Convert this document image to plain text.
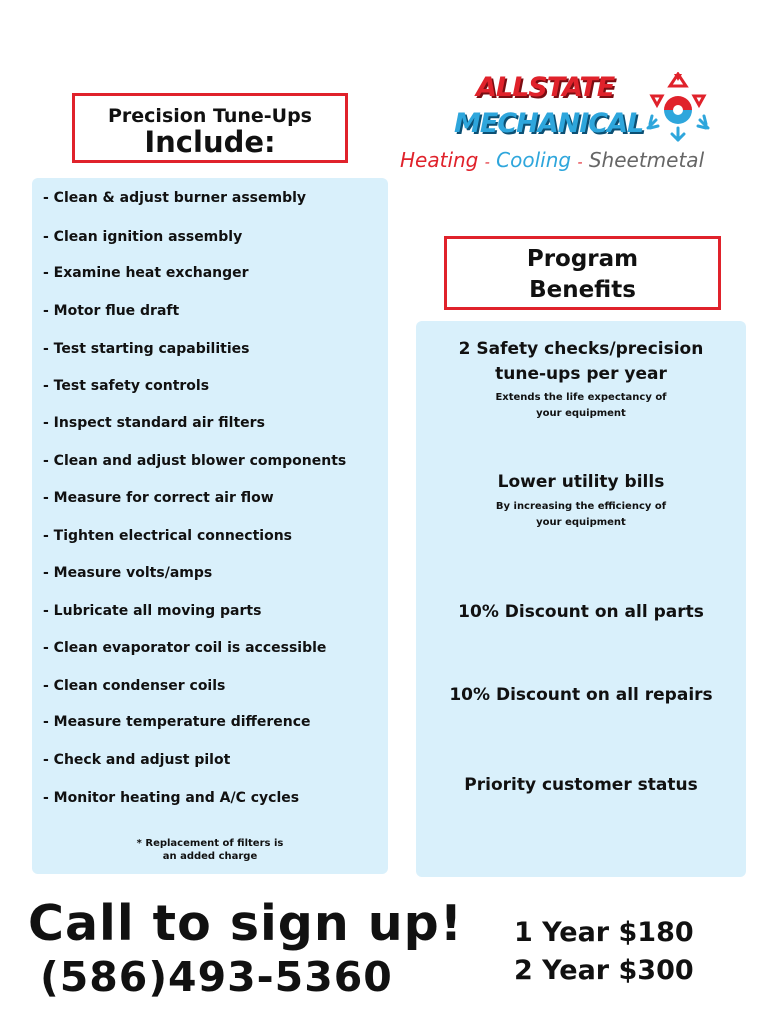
Precision Tune-Ups
Include:
ALLSTATE
MECHANICAL
Heating - Cooling - Sheetmetal
- Clean & adjust burner assembly
- Clean ignition assembly
- Examine heat exchanger
- Motor flue draft
- Test starting capabilities
- Test safety controls
- Inspect standard air filters
- Clean and adjust blower components
- Measure for correct air flow
- Tighten electrical connections
- Measure volts/amps
- Lubricate all moving parts
- Clean evaporator coil is accessible
- Clean condenser coils
- Measure temperature difference
- Check and adjust pilot
- Monitor heating and A/C cycles
* Replacement of filters is
an added charge
Program
Benefits
2 Safety checks/precision
tune-ups per year
Extends the life expectancy of
your equipment
Lower utility bills
By increasing the efficiency of
your equipment
10% Discount on all parts
10% Discount on all repairs
Priority customer status
Call to sign up!
(586)493-5360
1 Year $180
2 Year $300
